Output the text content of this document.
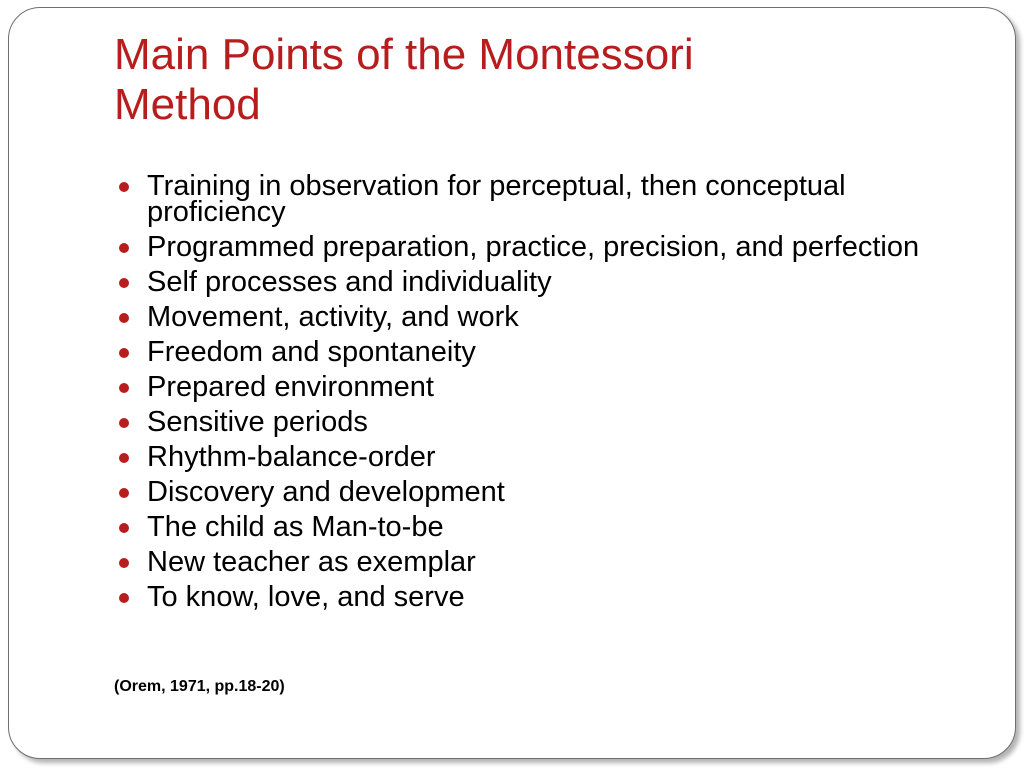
Main Points of the Montessori
Method
Training in observation for perceptual, then conceptual proficiency
Programmed preparation, practice, precision, and perfection
Self processes and individuality
Movement, activity, and work
Freedom and spontaneity
Prepared environment
Sensitive periods
Rhythm-balance-order
Discovery and development
The child as Man-to-be
New teacher as exemplar
To know, love, and serve

(Orem, 1971, pp.18-20)
